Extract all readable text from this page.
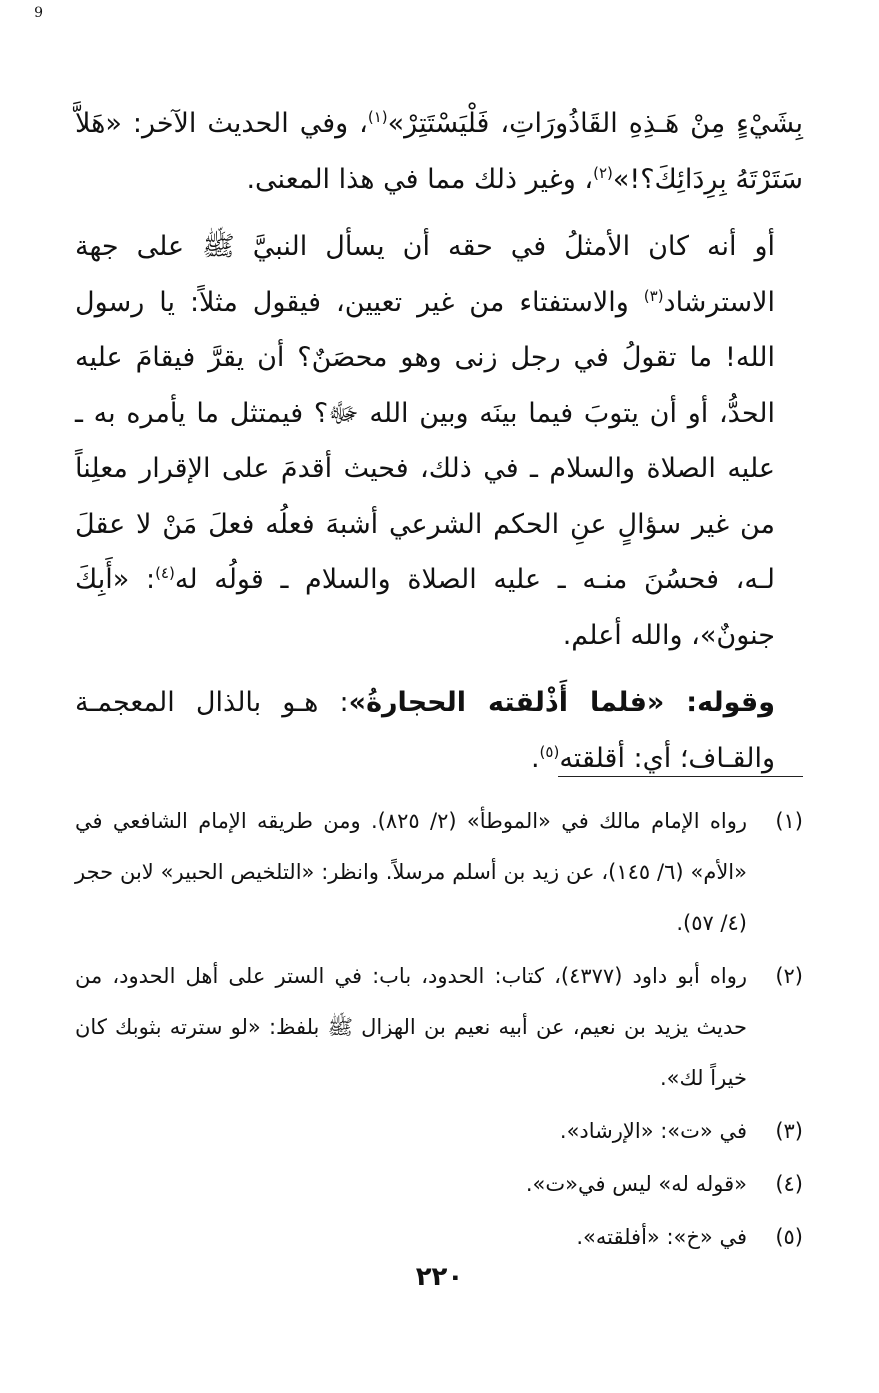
9

بِشَيْءٍ مِنْ هَـذِهِ القَاذُورَاتِ، فَلْيَسْتَتِرْ»$^{(١)}$، وفي الحديث الآخر: «هَلاَّ سَتَرْتَهُ بِرِدَائِكَ؟!»$^{(٢)}$، وغير ذلك مما في هذا المعنى.

أو أنه كان الأمثلُ في حقه أن يسأل النبيَّ ﷺ على جهة الاسترشاد$^{(٣)}$ والاستفتاء من غير تعيين، فيقول مثلاً: يا رسول الله! ما تقولُ في رجل زنى وهو محصَنٌ؟ أن يقرَّ فيقامَ عليه الحدُّ، أو أن يتوبَ فيما بينَه وبين الله ﷻ؟ فيمتثل ما يأمره به ـ عليه الصلاة والسلام ـ في ذلك، فحيث أقدمَ على الإقرار معلِناً من غير سؤالٍ عنِ الحكم الشرعي أشبهَ فعلُه فعلَ مَنْ لا عقلَ لـه، فحسُنَ منـه ـ عليه الصلاة والسلام ـ قولُه له$^{(٤)}$: «أَبِكَ جنونٌ»، والله أعلم.

وقوله: «فلما أَذْلقته الحجارةُ»: هـو بالذال المعجمـة والقـاف؛ أي: أقلقته$^{(٥)}$.

(١)
رواه الإمام مالك في «الموطأ» (٢/ ٨٢٥). ومن طريقه الإمام الشافعي في «الأم» (٦/ ١٤٥)، عن زيد بن أسلم مرسلاً. وانظر: «التلخيص الحبير» لابن حجر (٤/ ٥٧).
(٢)
رواه أبو داود (٤٣٧٧)، كتاب: الحدود، باب: في الستر على أهل الحدود، من حديث يزيد بن نعيم، عن أبيه نعيم بن الهزال ﷺ بلفظ: «لو سترته بثوبك كان خيراً لك».
(٣)
في «ت»: «الإرشاد».
(٤)
«قوله له» ليس في«ت».
(٥)
في «خ»: «أفلقته».
٢٢٠
